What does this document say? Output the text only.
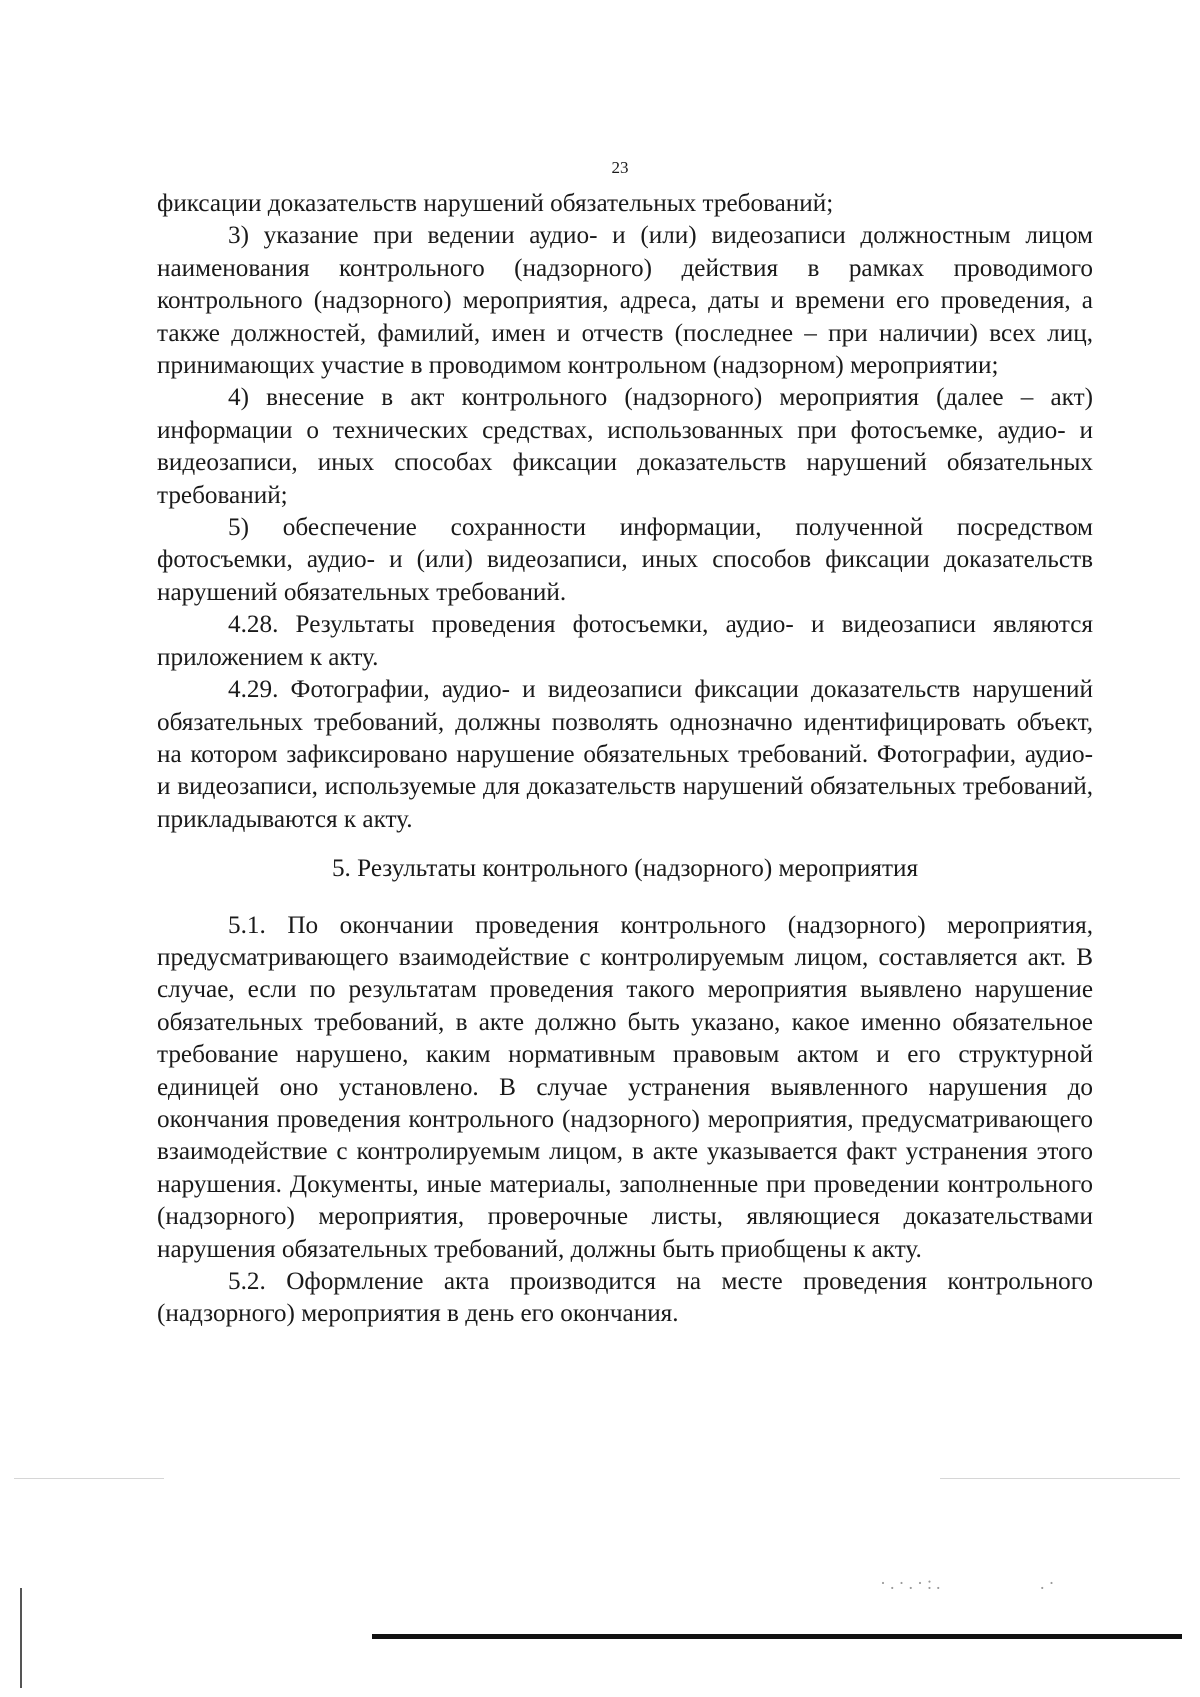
23

фиксации доказательств нарушений обязательных требований;

3) указание при ведении аудио- и (или) видеозаписи должностным лицом наименования контрольного (надзорного) действия в рамках проводимого контрольного (надзорного) мероприятия, адреса, даты и времени его проведения, а также должностей, фамилий, имен и отчеств (последнее – при наличии) всех лиц, принимающих участие в проводимом контрольном (надзорном) мероприятии;

4) внесение в акт контрольного (надзорного) мероприятия (далее – акт) информации о технических средствах, использованных при фотосъемке, аудио- и видеозаписи, иных способах фиксации доказательств нарушений обязательных требований;

5) обеспечение сохранности информации, полученной посредством фотосъемки, аудио- и (или) видеозаписи, иных способов фиксации доказательств нарушений обязательных требований.

4.28. Результаты проведения фотосъемки, аудио- и видеозаписи являются приложением к акту.

4.29. Фотографии, аудио- и видеозаписи фиксации доказательств нарушений обязательных требований, должны позволять однозначно идентифицировать объект, на котором зафиксировано нарушение обязательных требований. Фотографии, аудио- и видеозаписи, используемые для доказательств нарушений обязательных требований, прикладываются к акту.

5. Результаты контрольного (надзорного) мероприятия

5.1. По окончании проведения контрольного (надзорного) мероприятия, предусматривающего взаимодействие с контролируемым лицом, составляется акт. В случае, если по результатам проведения такого мероприятия выявлено нарушение обязательных требований, в акте должно быть указано, какое именно обязательное требование нарушено, каким нормативным правовым актом и его структурной единицей оно установлено. В случае устранения выявленного нарушения до окончания проведения контрольного (надзорного) мероприятия, предусматривающего взаимодействие с контролируемым лицом, в акте указывается факт устранения этого нарушения. Документы, иные материалы, заполненные при проведении контрольного (надзорного) мероприятия, проверочные листы, являющиеся доказательствами нарушения обязательных требований, должны быть приобщены к акту.

5.2. Оформление акта производится на месте проведения контрольного (надзорного) мероприятия в день его окончания.

·.·.·:.	.·
